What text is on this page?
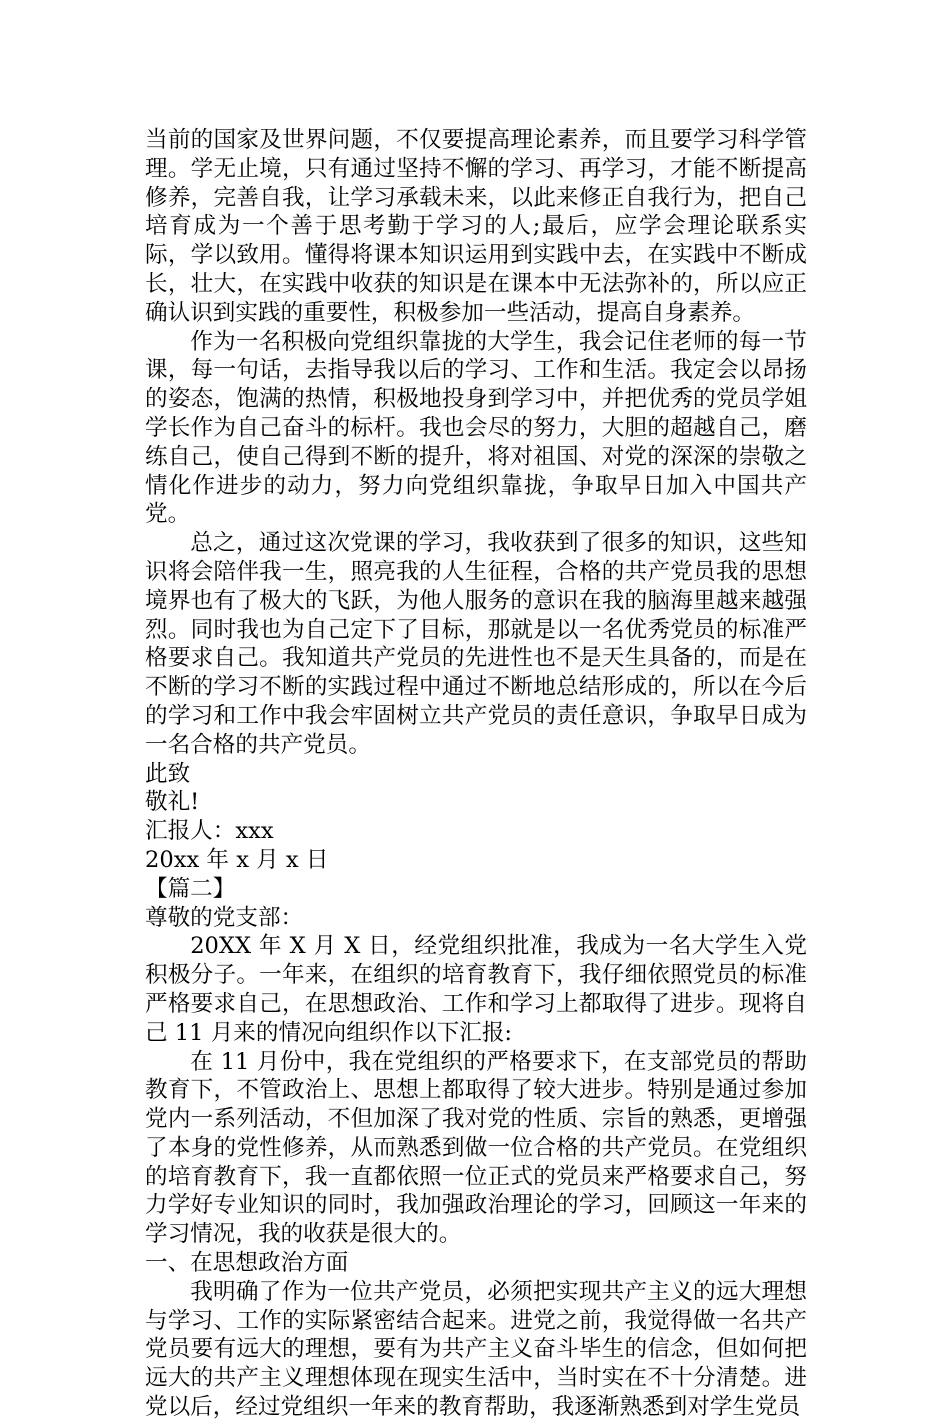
当前的国家及世界问题，不仅要提高理论素养，而且要学习科学管理。学无止境，只有通过坚持不懈的学习、再学习，才能不断提高修养，完善自我，让学习承载未来，以此来修正自我行为，把自己培育成为一个善于思考勤于学习的人;最后，应学会理论联系实际，学以致用。懂得将课本知识运用到实践中去，在实践中不断成长，壮大，在实践中收获的知识是在课本中无法弥补的，所以应正确认识到实践的重要性，积极参加一些活动，提高自身素养。

作为一名积极向党组织靠拢的大学生，我会记住老师的每一节课，每一句话，去指导我以后的学习、工作和生活。我定会以昂扬的姿态，饱满的热情，积极地投身到学习中，并把优秀的党员学姐学长作为自己奋斗的标杆。我也会尽的努力，大胆的超越自己，磨练自己，使自己得到不断的提升，将对祖国、对党的深深的崇敬之情化作进步的动力，努力向党组织靠拢，争取早日加入中国共产党。

总之，通过这次党课的学习，我收获到了很多的知识，这些知识将会陪伴我一生，照亮我的人生征程，合格的共产党员我的思想境界也有了极大的飞跃，为他人服务的意识在我的脑海里越来越强烈。同时我也为自己定下了目标，那就是以一名优秀党员的标准严格要求自己。我知道共产党员的先进性也不是天生具备的，而是在不断的学习不断的实践过程中通过不断地总结形成的，所以在今后的学习和工作中我会牢固树立共产党员的责任意识，争取早日成为一名合格的共产党员。

此致

敬礼!

汇报人：xxx

20xx 年 x 月 x 日

【篇二】

尊敬的党支部：

20XX 年 X 月 X 日，经党组织批准，我成为一名大学生入党积极分子。一年来，在组织的培育教育下，我仔细依照党员的标准严格要求自己，在思想政治、工作和学习上都取得了进步。现将自己 11 月来的情况向组织作以下汇报:

在 11 月份中，我在党组织的严格要求下，在支部党员的帮助教育下，不管政治上、思想上都取得了较大进步。特别是通过参加党内一系列活动，不但加深了我对党的性质、宗旨的熟悉，更增强了本身的党性修养，从而熟悉到做一位合格的共产党员。在党组织的培育教育下，我一直都依照一位正式的党员来严格要求自己，努力学好专业知识的同时，我加强政治理论的学习，回顾这一年来的学习情况，我的收获是很大的。

一、在思想政治方面

我明确了作为一位共产党员，必须把实现共产主义的远大理想与学习、工作的实际紧密结合起来。进党之前，我觉得做一名共产党员要有远大的理想，要有为共产主义奋斗毕生的信念，但如何把远大的共产主义理想体现在现实生活中，当时实在不十分清楚。进党以后，经过党组织一年来的教育帮助，我逐渐熟悉到对学生党员
